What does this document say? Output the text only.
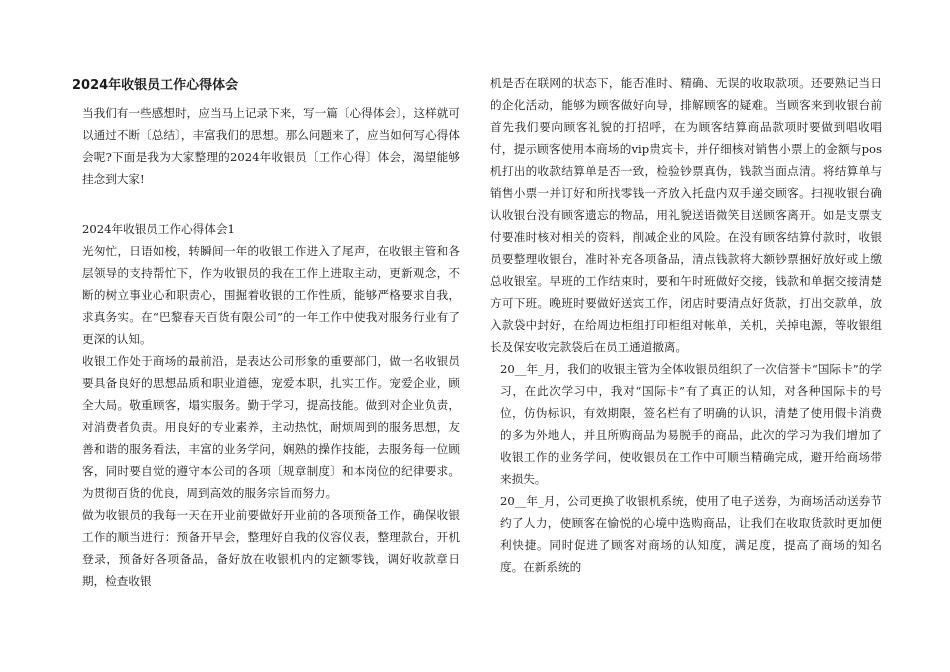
2024年收银员工作心得体会

当我们有一些感想时，应当马上记录下来，写一篇〔心得体会〕，这样就可以通过不断〔总结〕，丰富我们的思想。那么问题来了，应当如何写心得体会呢?下面是我为大家整理的2024年收银员〔工作心得〕体会，渴望能够挂念到大家!

2024年收银员工作心得体会1

光匆忙，日语如梭，转瞬间一年的收银工作进入了尾声，在收银主管和各层领导的支持帮忙下，作为收银员的我在工作上进取主动，更新观念，不断的树立事业心和职责心，围掘着收银的工作性质，能够严格要求自我，求真务实。在“巴黎春天百货有限公司”的一年工作中使我对服务行业有了更深的认知。

收银工作处于商场的最前沿，是表达公司形象的重要部门，做一名收银员要具备良好的思想品质和职业道德，宠爱本职，扎实工作。宠爱企业，顾全大局。敬重顾客，塌实服务。勤于学习，提高技能。做到对企业负责，对消费者负责。用良好的专业素养，主动热忱，耐烦周到的服务思想，友善和谐的服务看法，丰富的业务学问，娴熟的操作技能，去服务每一位顾客，同时要自觉的遵守本公司的各项〔规章制度〕和本岗位的纪律要求。为贯彻百货的优良，周到高效的服务宗旨而努力。

做为收银员的我每一天在开业前要做好开业前的各项预备工作，确保收银工作的顺当进行：预备开早会，整理好自我的仪容仪表，整理款台，开机登录，预备好各项备品，备好放在收银机内的定额零钱，调好收款章日期，检查收银

机是否在联网的状态下，能否准时、精确、无误的收取款项。还要熟记当日的企化活动，能够为顾客做好向导，排解顾客的疑难。当顾客来到收银台前首先我们要向顾客礼貌的打招呼，在为顾客结算商品款项时要做到唱收唱付，提示顾客使用本商场的vip贵宾卡，并仔细核对销售小票上的金额与pos机打出的收款结算单是否一致，检验钞票真伪，钱款当面点清。将结算单与销售小票一并订好和所找零钱一齐放入托盘内双手递交顾客。扫视收银台确认收银台没有顾客遗忘的物品，用礼貌送语微笑目送顾客离开。如是支票支付要准时核对相关的资料，削减企业的风险。在没有顾客结算付款时，收银员要整理收银台，准时补充各项备品，清点钱款将大额钞票捆好放好或上缴总收银室。早班的工作结束时，要和午时班做好交接，钱款和单据交接清楚方可下班。晚班时要做好送宾工作，闭店时要清点好货款，打出交款单，放入款袋中封好，在给周边柜组打印柜组对帐单，关机，关掉电源，等收银组长及保安收完款袋后在员工通道撤离。

20__年_月，我们的收银主管为全体收银员组织了一次信誉卡“国际卡”的学习，在此次学习中，我对“国际卡”有了真正的认知，对各种国际卡的号位，仿伪标识，有效期限，签名栏有了明确的认识，清楚了使用假卡消费的多为外地人，并且所购商品为易脱手的商品，此次的学习为我们增加了收银工作的业务学问，使收银员在工作中可顺当精确完成，避开给商场带来损失。

20__年_月，公司更换了收银机系统，使用了电子送券，为商场活动送券节约了人力，使顾客在愉悦的心境中选购商品，让我们在收取货款时更加便利快捷。同时促进了顾客对商场的认知度，满足度，提高了商场的知名度。在新系统的
